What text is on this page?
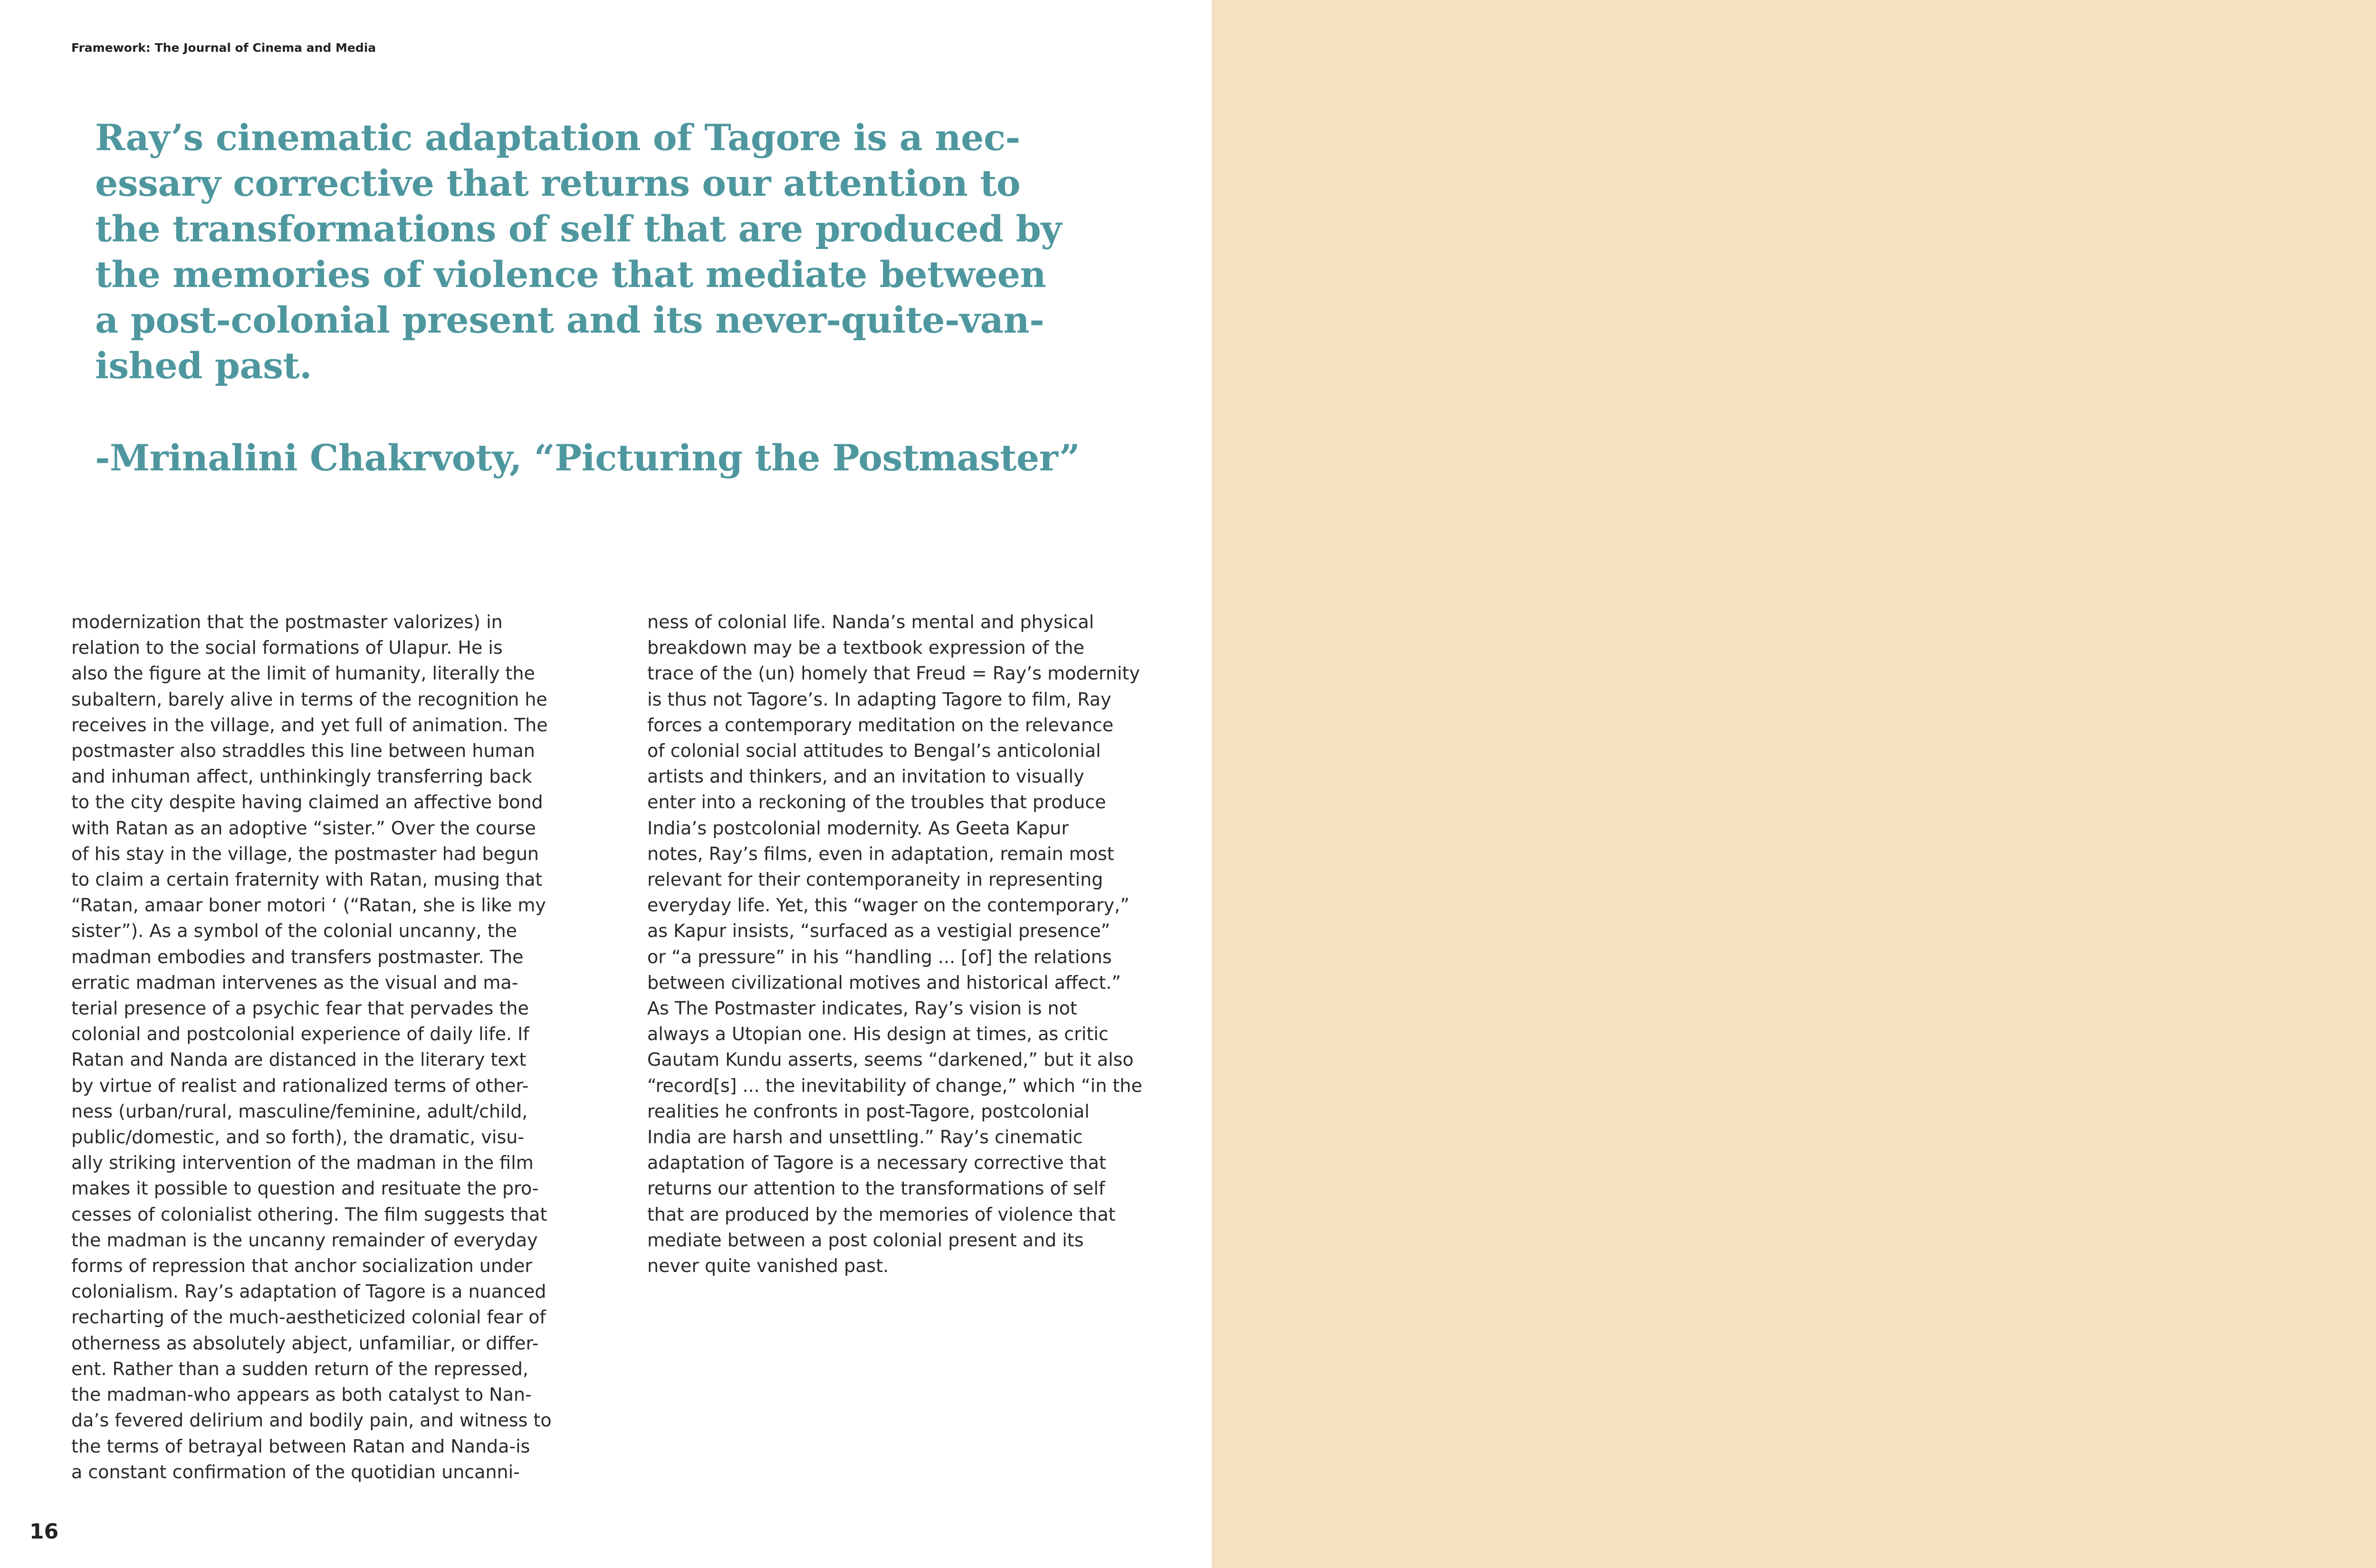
Framework: The Journal of Cinema and Media
Ray’s cinematic adaptation of Tagore is a nec-
essary corrective that returns our attention to
the transformations of self that are produced by
the memories of violence that mediate between
a post-colonial present and its never-quite-van-
ished past.
-Mrinalini Chakrvoty, “Picturing the Postmaster”
modernization that the postmaster valorizes) in
relation to the social formations of Ulapur. He is
also the figure at the limit of humanity, literally the
subaltern, barely alive in terms of the recognition he
receives in the village, and yet full of animation. The
postmaster also straddles this line between human
and inhuman affect, unthinkingly transferring back
to the city despite having claimed an affective bond
with Ratan as an adoptive “sister.” Over the course
of his stay in the village, the postmaster had begun
to claim a certain fraternity with Ratan, musing that
“Ratan, amaar boner motori ‘ (“Ratan, she is like my
sister”). As a symbol of the colonial uncanny, the
madman embodies and transfers postmaster. The
erratic madman intervenes as the visual and ma-
terial presence of a psychic fear that pervades the
colonial and postcolonial experience of daily life. If
Ratan and Nanda are distanced in the literary text
by virtue of realist and rationalized terms of other-
ness (urban/rural, masculine/feminine, adult/child,
public/domestic, and so forth), the dramatic, visu-
ally striking intervention of the madman in the film
makes it possible to question and resituate the pro-
cesses of colonialist othering. The film suggests that
the madman is the uncanny remainder of everyday
forms of repression that anchor socialization under
colonialism. Ray’s adaptation of Tagore is a nuanced
recharting of the much-aestheticized colonial fear of
otherness as absolutely abject, unfamiliar, or differ-
ent. Rather than a sudden return of the repressed,
the madman-who appears as both catalyst to Nan-
da’s fevered delirium and bodily pain, and witness to
the terms of betrayal between Ratan and Nanda-is
a constant confirmation of the quotidian uncanni-
ness of colonial life. Nanda’s mental and physical
breakdown may be a textbook expression of the
trace of the (un) homely that Freud = Ray’s modernity
is thus not Tagore’s. In adapting Tagore to film, Ray
forces a contemporary meditation on the relevance
of colonial social attitudes to Bengal’s anticolonial
artists and thinkers, and an invitation to visually
enter into a reckoning of the troubles that produce
India’s postcolonial modernity. As Geeta Kapur
notes, Ray’s films, even in adaptation, remain most
relevant for their contemporaneity in representing
everyday life. Yet, this “wager on the contemporary,”
as Kapur insists, “surfaced as a vestigial presence”
or “a pressure” in his “handling ... [of] the relations
between civilizational motives and historical affect.”
As The Postmaster indicates, Ray’s vision is not
always a Utopian one. His design at times, as critic
Gautam Kundu asserts, seems “darkened,” but it also
“record[s] ... the inevitability of change,” which “in the
realities he confronts in post-Tagore, postcolonial
India are harsh and unsettling.” Ray’s cinematic
adaptation of Tagore is a necessary corrective that
returns our attention to the transformations of self
that are produced by the memories of violence that
mediate between a post colonial present and its
never quite vanished past.
16
